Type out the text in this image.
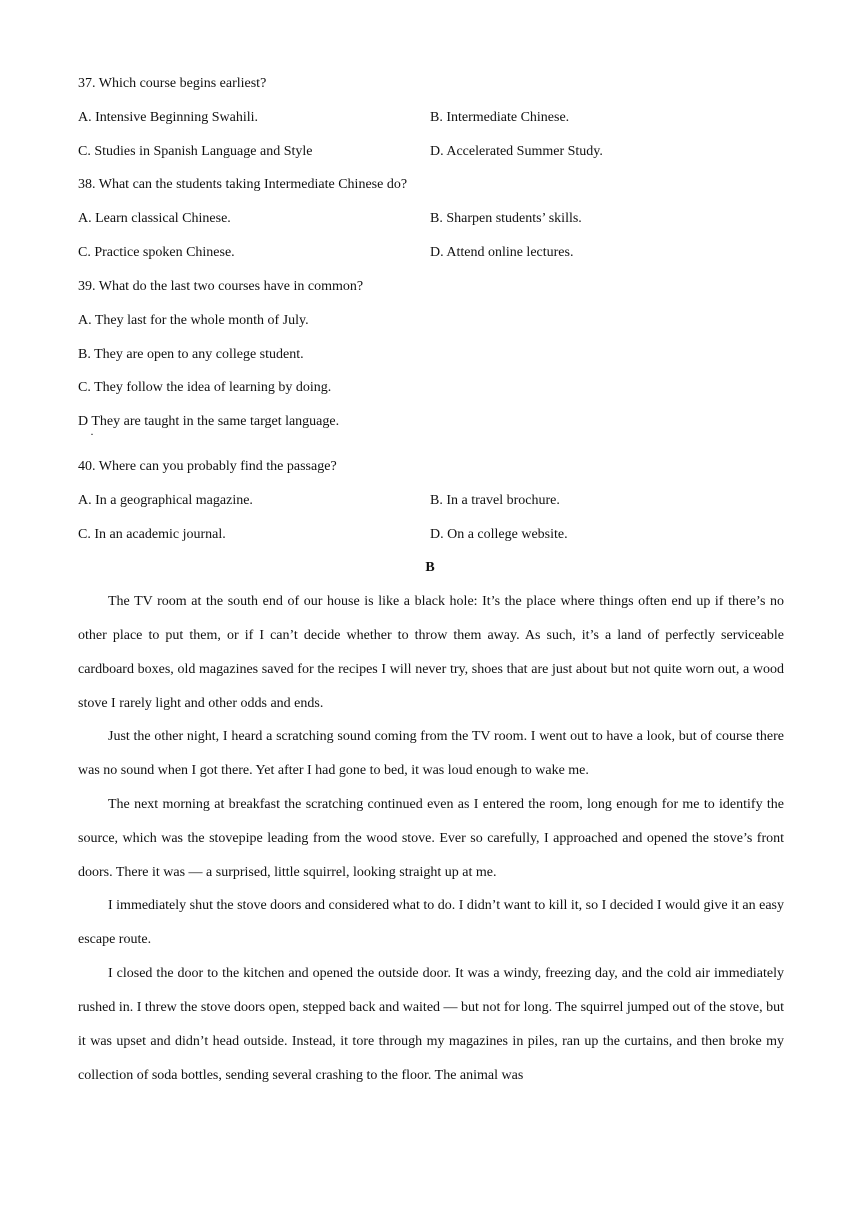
37. Which course begins earliest?
A. Intensive Beginning Swahili.	B. Intermediate Chinese.
C. Studies in Spanish Language and Style	D. Accelerated Summer Study.
38. What can the students taking Intermediate Chinese do?
A. Learn classical Chinese.	B. Sharpen students’ skills.
C. Practice spoken Chinese.	D. Attend online lectures.
39. What do the last two courses have in common?
A. They last for the whole month of July.
B. They are open to any college student.
C. They follow the idea of learning by doing.
D They are taught in the same target language.
·
40. Where can you probably find the passage?
A. In a geographical magazine.	B. In a travel brochure.
C. In an academic journal.	D. On a college website.
B

The TV room at the south end of our house is like a black hole: It’s the place where things often end up if there’s no other place to put them, or if I can’t decide whether to throw them away. As such, it’s a land of perfectly serviceable cardboard boxes, old magazines saved for the recipes I will never try, shoes that are just about but not quite worn out, a wood stove I rarely light and other odds and ends.

Just the other night, I heard a scratching sound coming from the TV room. I went out to have a look, but of course there was no sound when I got there. Yet after I had gone to bed, it was loud enough to wake me.

The next morning at breakfast the scratching continued even as I entered the room, long enough for me to identify the source, which was the stovepipe leading from the wood stove. Ever so carefully, I approached and opened the stove’s front doors. There it was — a surprised, little squirrel, looking straight up at me.

I immediately shut the stove doors and considered what to do. I didn’t want to kill it, so I decided I would give it an easy escape route.

I closed the door to the kitchen and opened the outside door. It was a windy, freezing day, and the cold air immediately rushed in. I threw the stove doors open, stepped back and waited — but not for long. The squirrel jumped out of the stove, but it was upset and didn’t head outside. Instead, it tore through my magazines in piles, ran up the curtains, and then broke my collection of soda bottles, sending several crashing to the floor. The animal was
